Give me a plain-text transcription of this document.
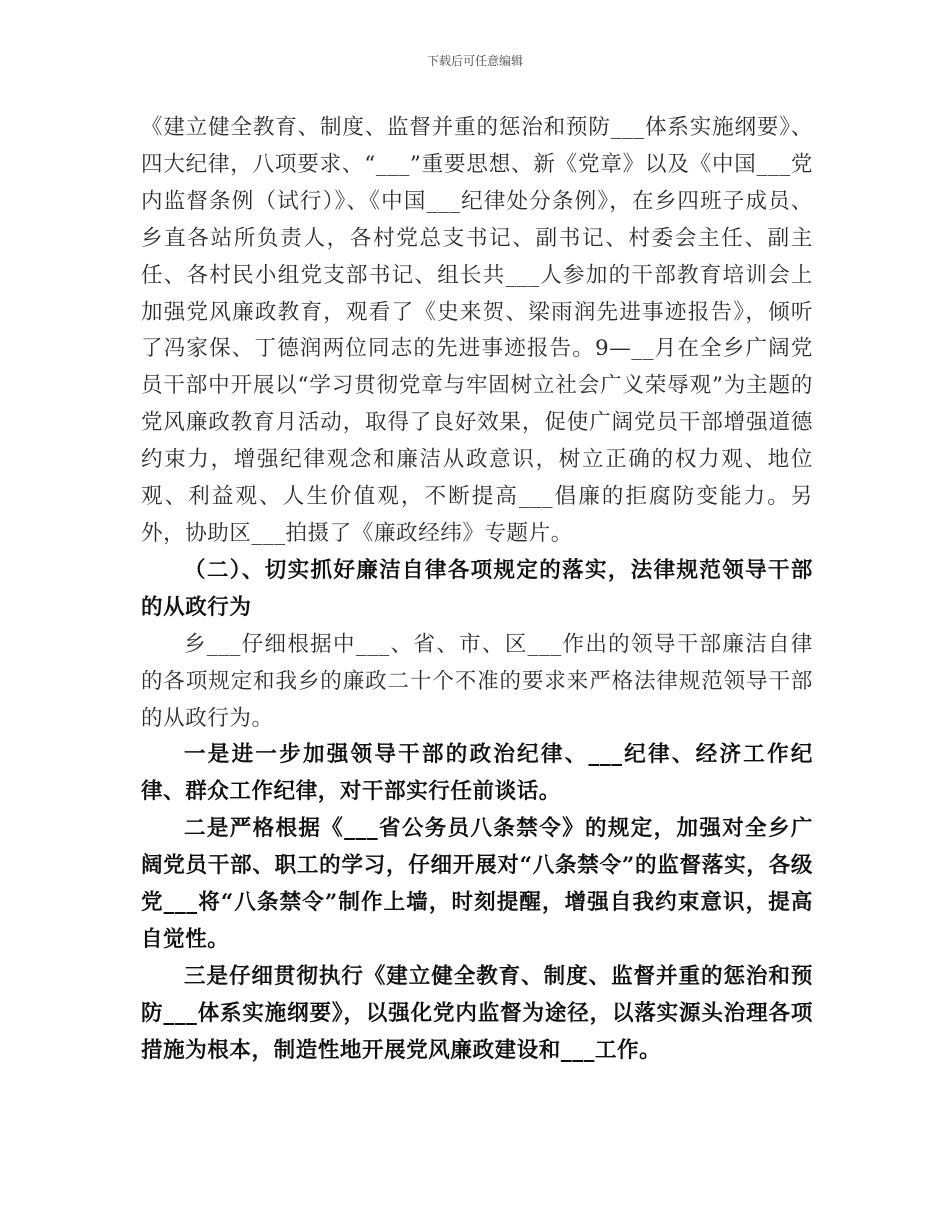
下载后可任意编辑

《建立健全教育、制度、监督并重的惩治和预防___体系实施纲要》、四大纪律，八项要求、“___”重要思想、新《党章》以及《中国___党内监督条例（试行）》、《中国___纪律处分条例》，在乡四班子成员、乡直各站所负责人，各村党总支书记、副书记、村委会主任、副主任、各村民小组党支部书记、组长共___人参加的干部教育培训会上加强党风廉政教育，观看了《史来贺、梁雨润先进事迹报告》，倾听了冯家保、丁德润两位同志的先进事迹报告。9—__月在全乡广阔党员干部中开展以“学习贯彻党章与牢固树立社会广义荣辱观”为主题的党风廉政教育月活动，取得了良好效果，促使广阔党员干部增强道德约束力，增强纪律观念和廉洁从政意识，树立正确的权力观、地位观、利益观、人生价值观，不断提高___倡廉的拒腐防变能力。另外，协助区___拍摄了《廉政经纬》专题片。

（二）、切实抓好廉洁自律各项规定的落实，法律规范领导干部的从政行为

乡___仔细根据中___、省、市、区___作出的领导干部廉洁自律的各项规定和我乡的廉政二十个不准的要求来严格法律规范领导干部的从政行为。

一是进一步加强领导干部的政治纪律、___纪律、经济工作纪律、群众工作纪律，对干部实行任前谈话。

二是严格根据《___省公务员八条禁令》的规定，加强对全乡广阔党员干部、职工的学习，仔细开展对“八条禁令”的监督落实，各级党___将“八条禁令”制作上墙，时刻提醒，增强自我约束意识，提高自觉性。

三是仔细贯彻执行《建立健全教育、制度、监督并重的惩治和预防___体系实施纲要》，以强化党内监督为途径，以落实源头治理各项措施为根本，制造性地开展党风廉政建设和___工作。
